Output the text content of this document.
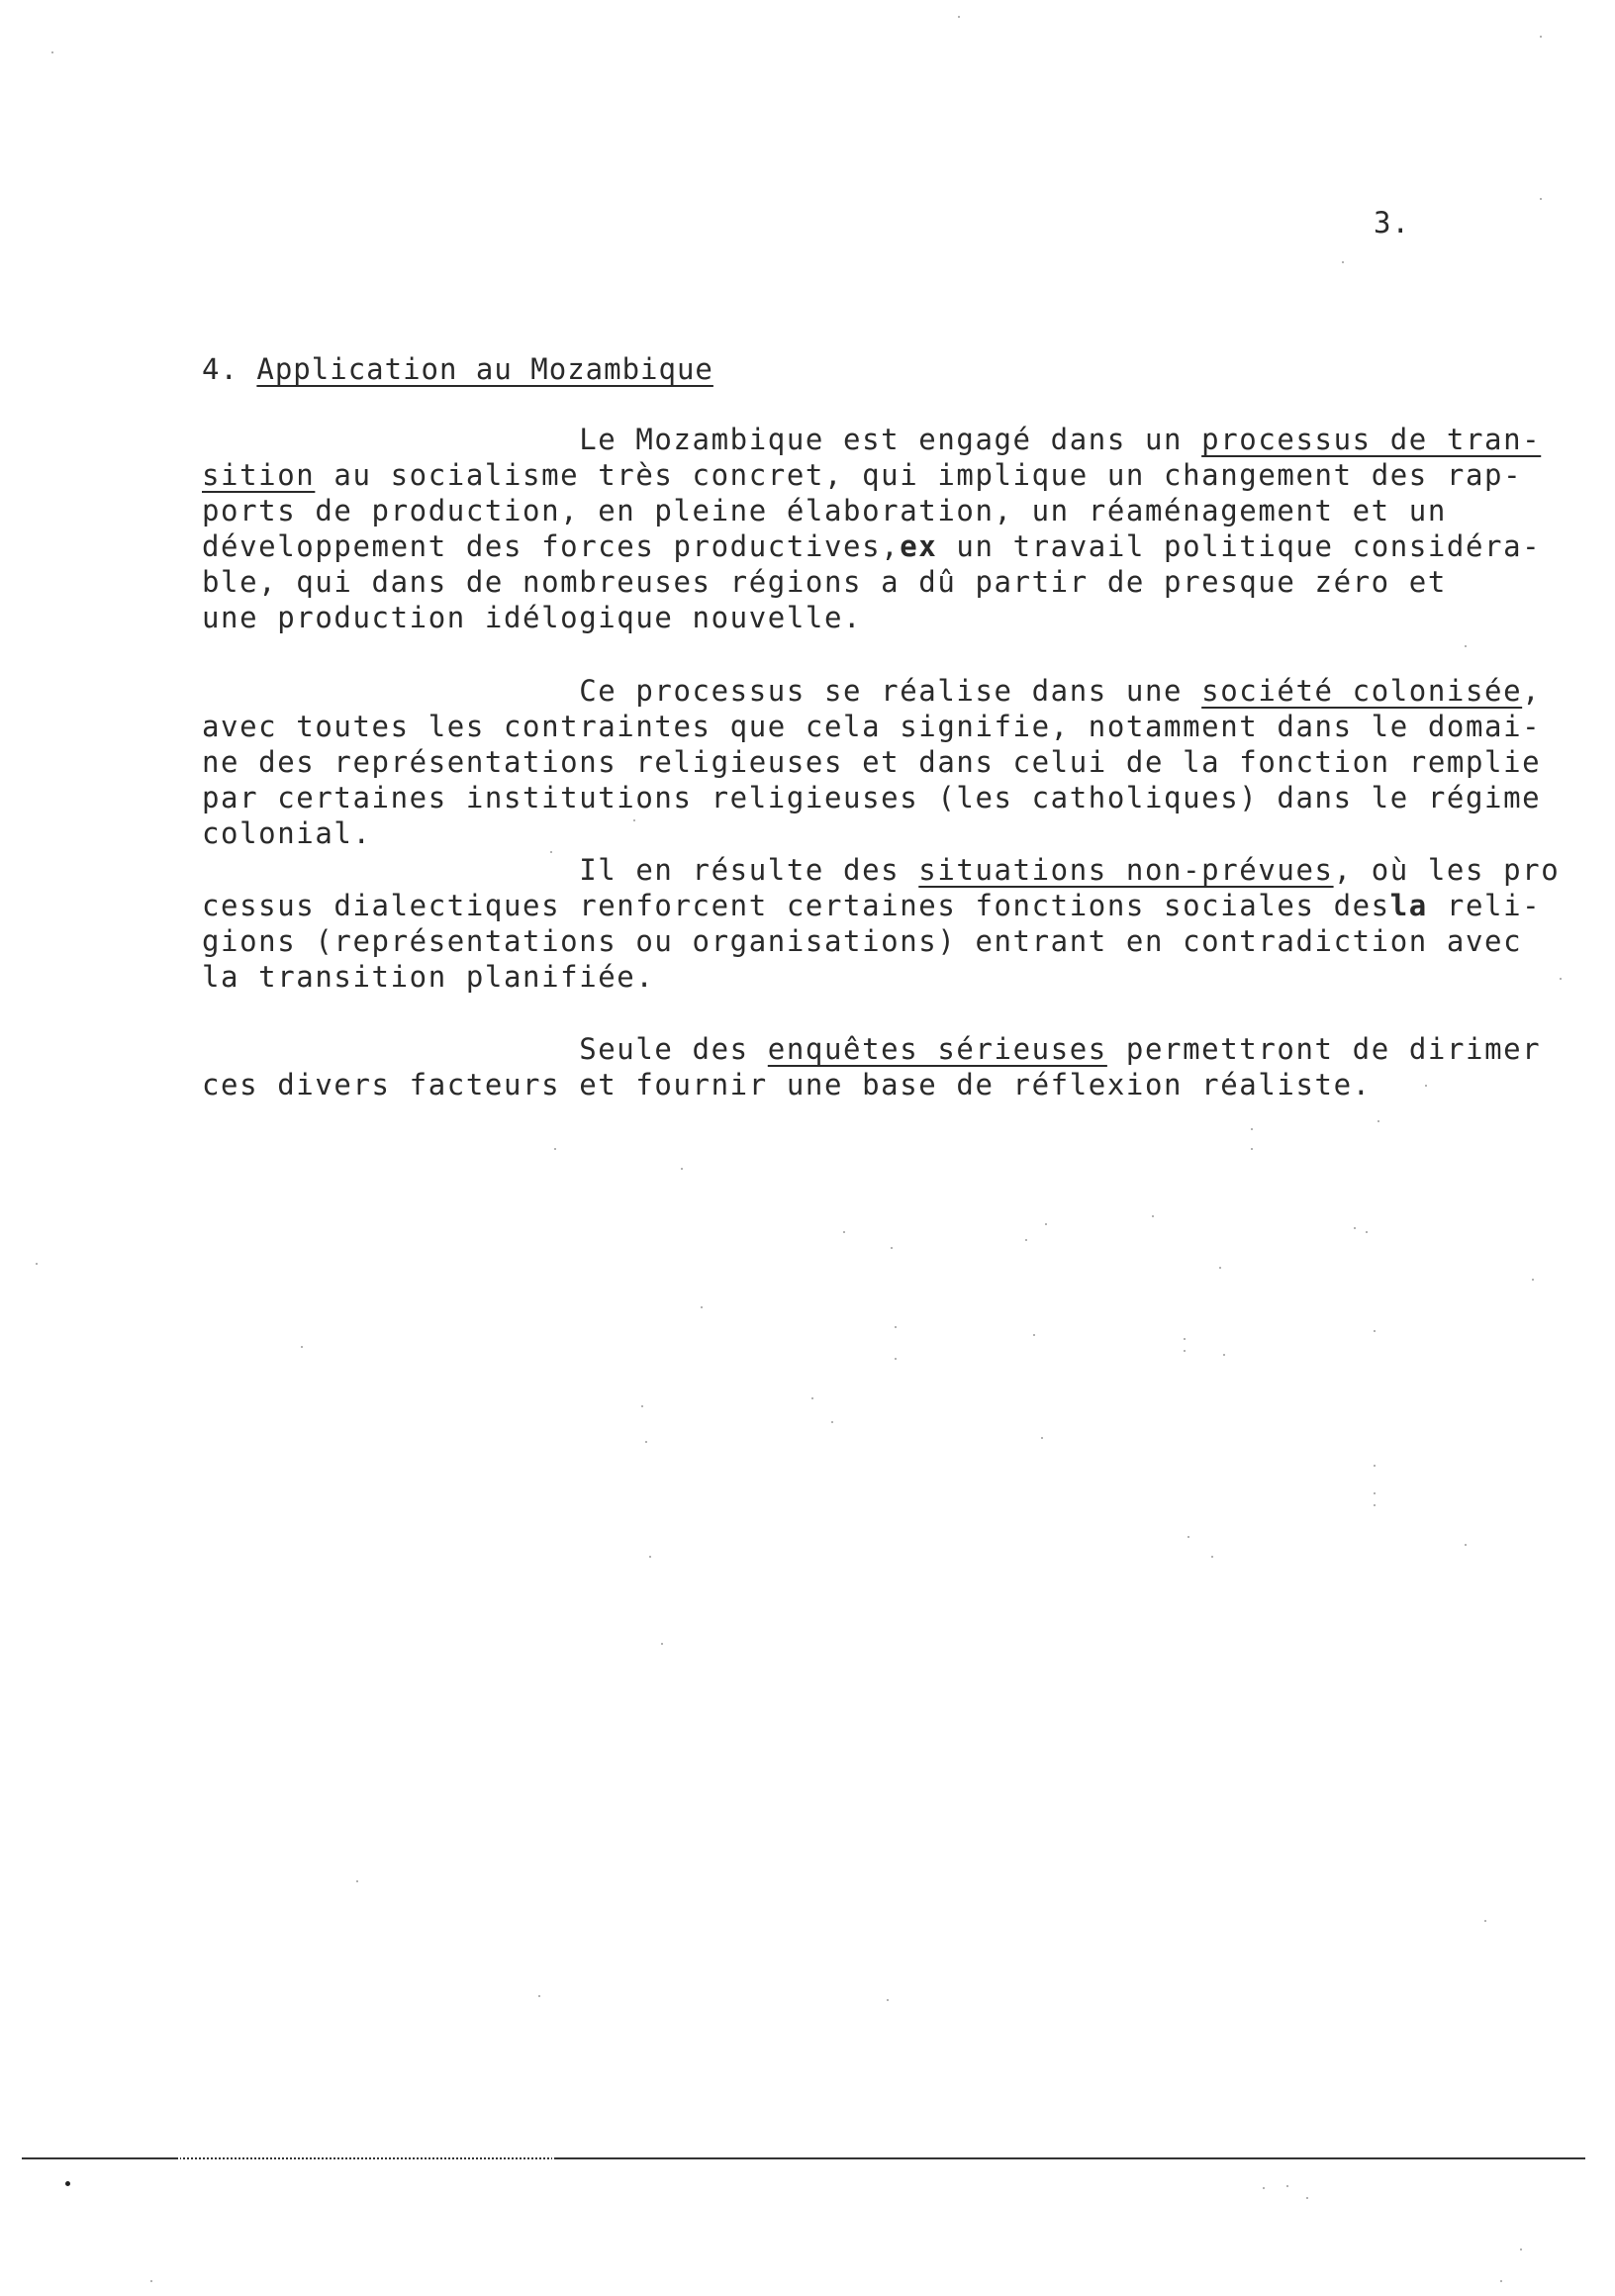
3.
4. Application au Mozambique
Le Mozambique est engagé dans un processus de tran-
sition au socialisme très concret, qui implique un changement des rap-
ports de production, en pleine élaboration, un réaménagement et un
développement des forces productives,ex un travail politique considéra-
ble, qui dans de nombreuses régions a dû partir de presque zéro et
une production idélogique nouvelle.
Ce processus se réalise dans une société colonisée,
avec toutes les contraintes que cela signifie, notamment dans le domai-
ne des représentations religieuses et dans celui de la fonction remplie
par certaines institutions religieuses (les catholiques) dans le régime
colonial.
Il en résulte des situations non-prévues, où les pro
cessus dialectiques renforcent certaines fonctions sociales desla reli-
gions (représentations ou organisations) entrant en contradiction avec
la transition planifiée.
Seule des enquêtes sérieuses permettront de dirimer
ces divers facteurs et fournir une base de réflexion réaliste.
